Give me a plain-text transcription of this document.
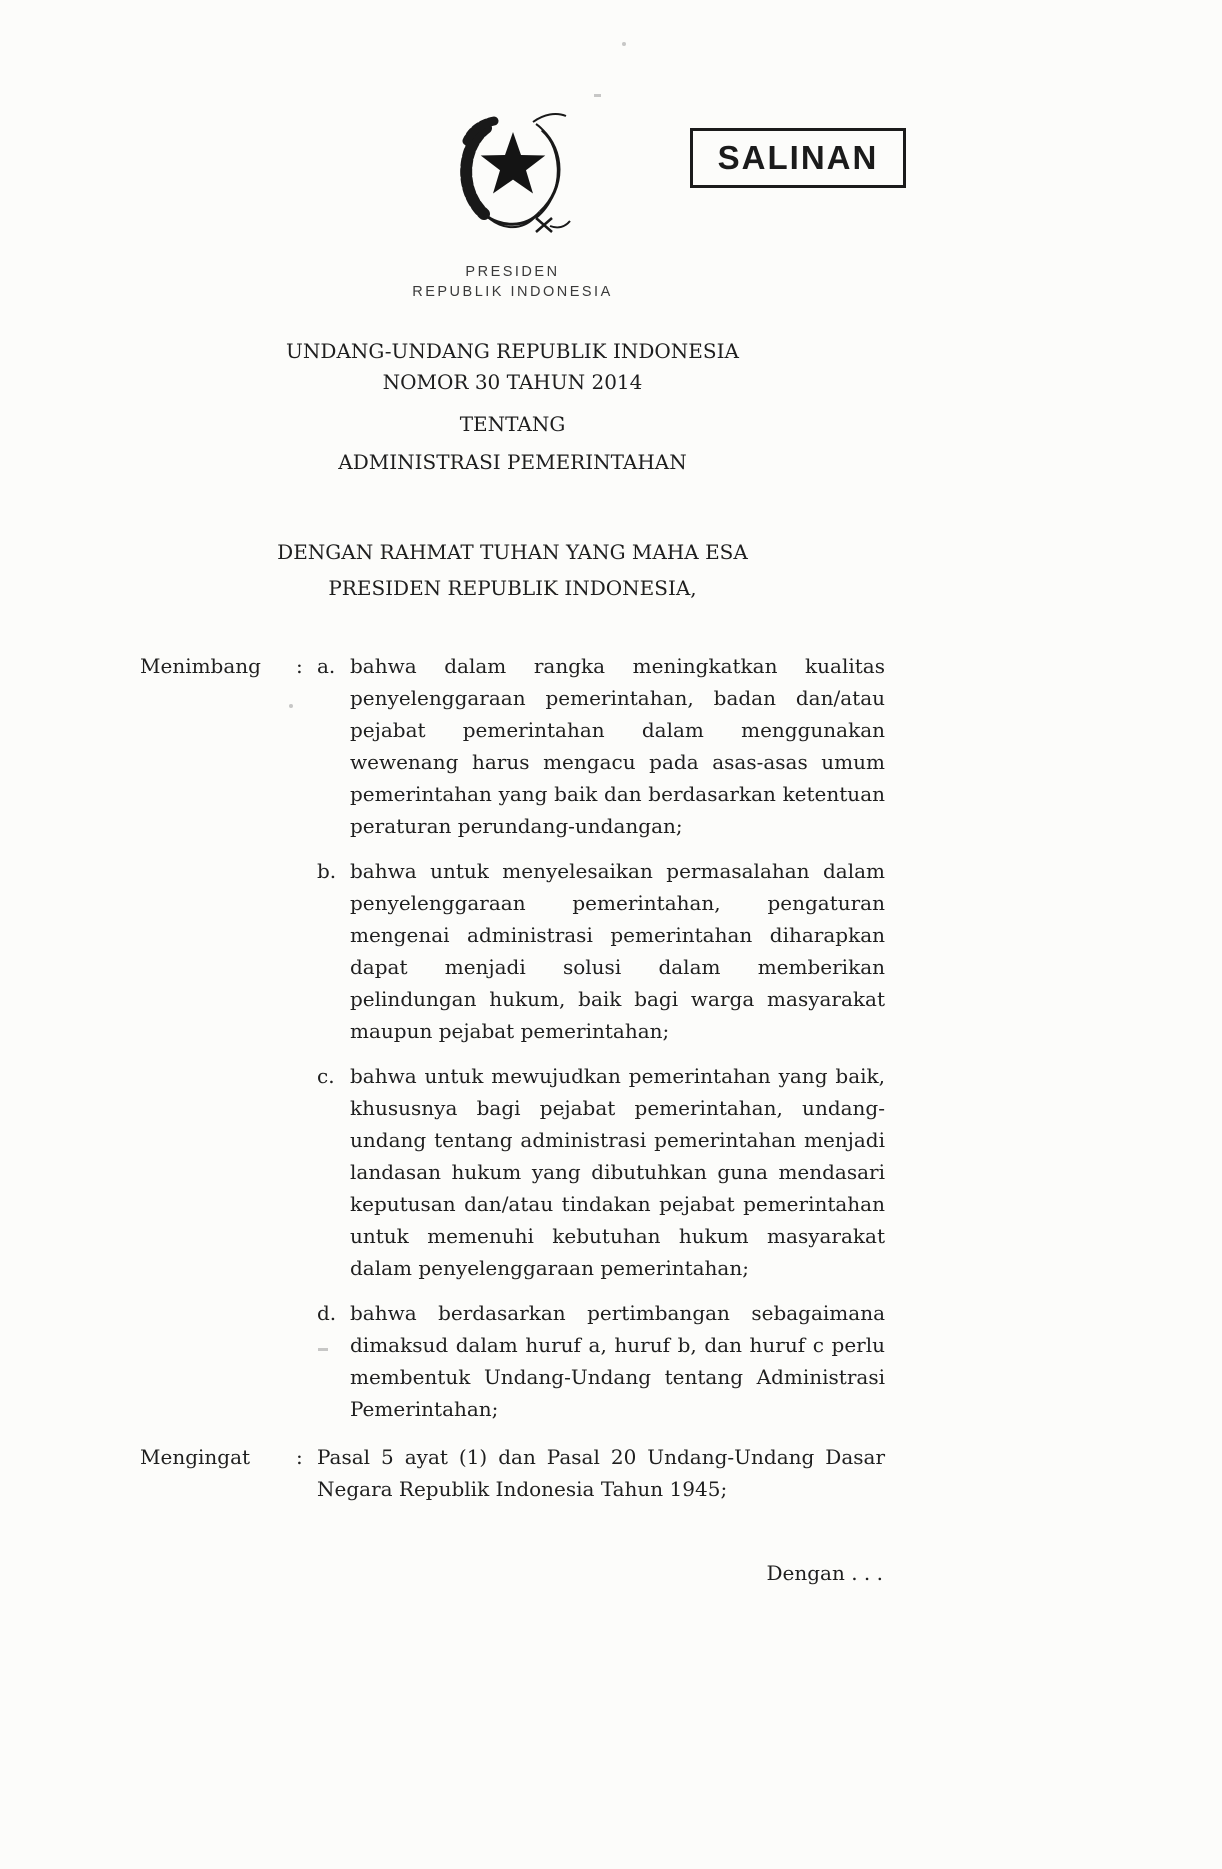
SALINAN
PRESIDEN
REPUBLIK INDONESIA
UNDANG-UNDANG REPUBLIK INDONESIA
NOMOR 30 TAHUN 2014
TENTANG
ADMINISTRASI PEMERINTAHAN
DENGAN RAHMAT TUHAN YANG MAHA ESA
PRESIDEN REPUBLIK INDONESIA,
Menimbang	: a. bahwa dalam rangka meningkatkan kualitas penyelenggaraan pemerintahan, badan dan/atau pejabat pemerintahan dalam menggunakan wewenang harus mengacu pada asas-asas umum pemerintahan yang baik dan berdasarkan ketentuan peraturan perundang-undangan;
b. bahwa untuk menyelesaikan permasalahan dalam penyelenggaraan pemerintahan, pengaturan mengenai administrasi pemerintahan diharapkan dapat menjadi solusi dalam memberikan pelindungan hukum, baik bagi warga masyarakat maupun pejabat pemerintahan;
c. bahwa untuk mewujudkan pemerintahan yang baik, khususnya bagi pejabat pemerintahan, undang-undang tentang administrasi pemerintahan menjadi landasan hukum yang dibutuhkan guna mendasari keputusan dan/atau tindakan pejabat pemerintahan untuk memenuhi kebutuhan hukum masyarakat dalam penyelenggaraan pemerintahan;
d. bahwa berdasarkan pertimbangan sebagaimana dimaksud dalam huruf a, huruf b, dan huruf c perlu membentuk Undang-Undang tentang Administrasi Pemerintahan;
Mengingat	: Pasal 5 ayat (1) dan Pasal 20 Undang-Undang Dasar Negara Republik Indonesia Tahun 1945;
Dengan . . .
